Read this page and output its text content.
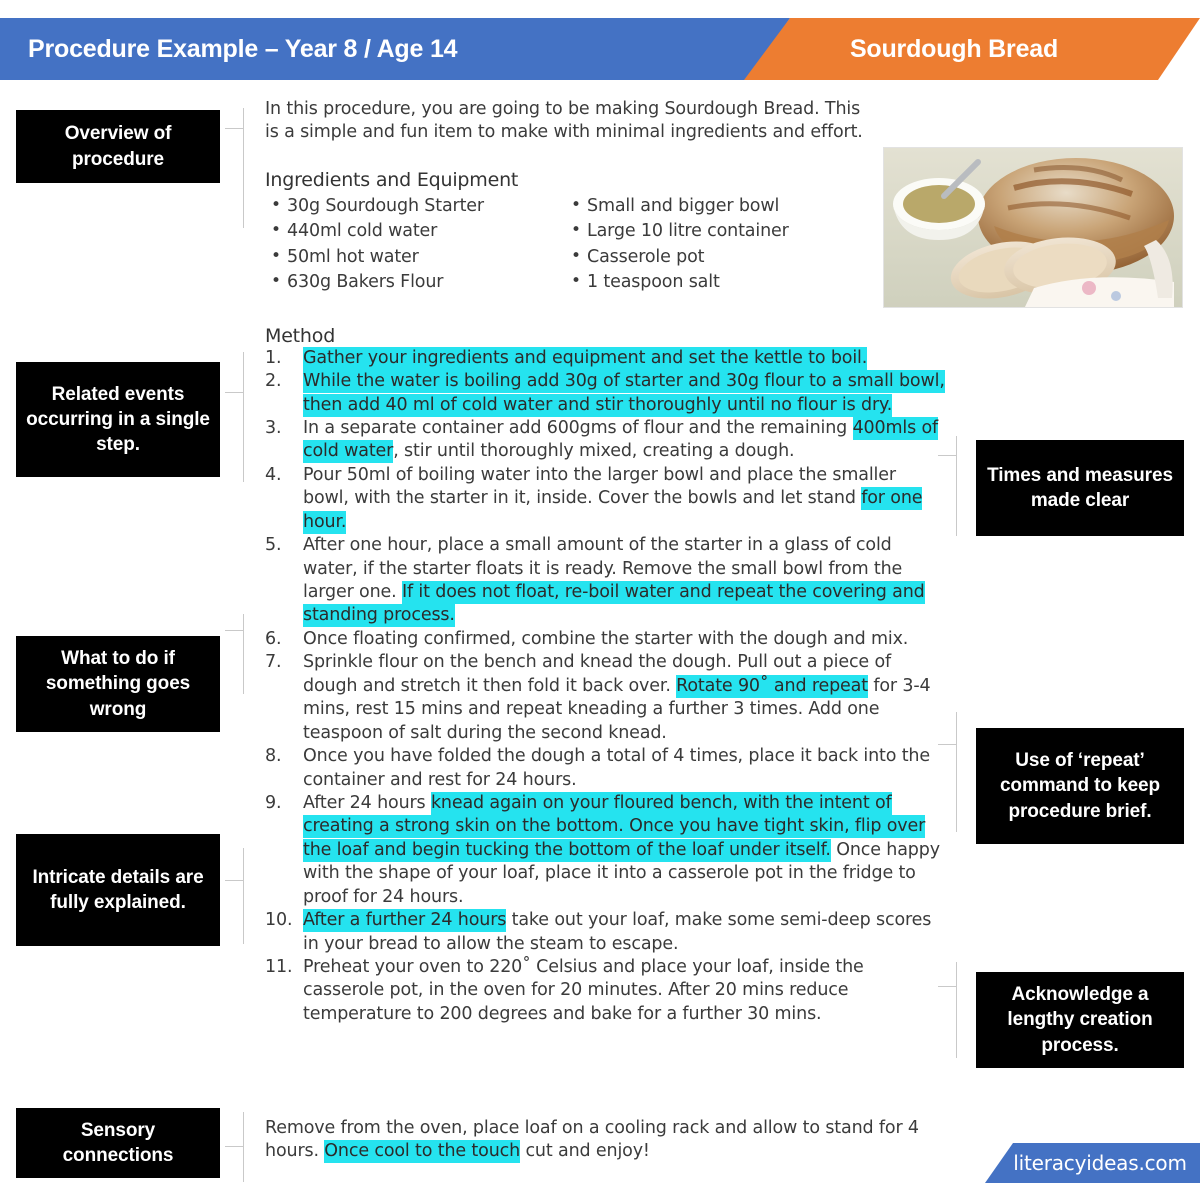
Procedure Example – Year 8 / Age 14	Sourdough Bread
Overview of procedure
Related events occurring in a single step.
What to do if something goes wrong
Intricate details are fully explained.
Sensory connections
Times and measures made clear
Use of ‘repeat’ command to keep procedure brief.
Acknowledge a lengthy creation process.
In this procedure, you are going to be making Sourdough Bread. This is a simple and fun item to make with minimal ingredients and effort.
Ingredients and Equipment
• 30g Sourdough Starter
• 440ml cold water
• 50ml hot water
• 630g Bakers Flour
• Small and bigger bowl
• Large 10 litre container
• Casserole pot
• 1 teaspoon salt
Method
1. Gather your ingredients and equipment and set the kettle to boil.
2. While the water is boiling add 30g of starter and 30g flour to a small bowl, then add 40 ml of cold water and stir thoroughly until no flour is dry.
3. In a separate container add 600gms of flour and the remaining 400mls of cold water, stir until thoroughly mixed, creating a dough.
4. Pour 50ml of boiling water into the larger bowl and place the smaller bowl, with the starter in it, inside. Cover the bowls and let stand for one hour.
5. After one hour, place a small amount of the starter in a glass of cold water, if the starter floats it is ready. Remove the small bowl from the larger one. If it does not float, re-boil water and repeat the covering and standing process.
6. Once floating confirmed, combine the starter with the dough and mix.
7. Sprinkle flour on the bench and knead the dough. Pull out a piece of dough and stretch it then fold it back over. Rotate 90˚ and repeat for 3-4 mins, rest 15 mins and repeat kneading a further 3 times. Add one teaspoon of salt during the second knead.
8. Once you have folded the dough a total of 4 times, place it back into the container and rest for 24 hours.
9. After 24 hours knead again on your floured bench, with the intent of creating a strong skin on the bottom. Once you have tight skin, flip over the loaf and begin tucking the bottom of the loaf under itself. Once happy with the shape of your loaf, place it into a casserole pot in the fridge to proof for 24 hours.
10. After a further 24 hours take out your loaf, make some semi-deep scores in your bread to allow the steam to escape.
11. Preheat your oven to 220˚ Celsius and place your loaf, inside the casserole pot, in the oven for 20 minutes. After 20 mins reduce temperature to 200 degrees and bake for a further 30 mins.
Remove from the oven, place loaf on a cooling rack and allow to stand for 4 hours. Once cool to the touch cut and enjoy!	literacyideas.com
